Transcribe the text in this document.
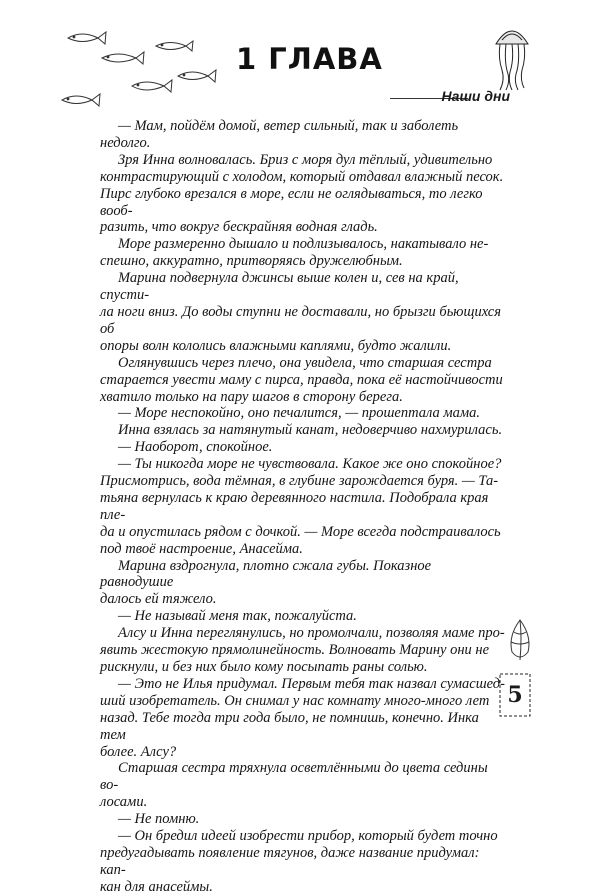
1 ГЛАВА
Наши дни

— Мам, пойдём домой, ветер сильный, так и заболеть недолго.

Зря Инна волновалась. Бриз с моря дул тёплый, удивительно
контрастирующий с холодом, который отдавал влажный песок.
Пирс глубоко врезался в море, если не оглядываться, то легко вооб-
разить, что вокруг бескрайняя водная гладь.

Море размеренно дышало и подлизывалось, накатывало не-
спешно, аккуратно, притворяясь дружелюбным.

Марина подвернула джинсы выше колен и, сев на край, спусти-
ла ноги вниз. До воды ступни не доставали, но брызги бьющихся об
опоры волн кололись влажными каплями, будто жалили.

Оглянувшись через плечо, она увидела, что старшая сестра
старается увести маму с пирса, правда, пока её настойчивости
хватило только на пару шагов в сторону берега.

— Море неспокойно, оно печалится, — прошептала мама.

Инна взялась за натянутый канат, недоверчиво нахмурилась.

— Наоборот, спокойное.

— Ты никогда море не чувствовала. Какое же оно спокойное?
Присмотрись, вода тёмная, в глубине зарождается буря. — Та-
тьяна вернулась к краю деревянного настила. Подобрала края пле-
да и опустилась рядом с дочкой. — Море всегда подстраивалось
под твоё настроение, Анасейма.

Марина вздрогнула, плотно сжала губы. Показное равнодушие
далось ей тяжело.

— Не называй меня так, пожалуйста.

Алсу и Инна переглянулись, но промолчали, позволяя маме про-
явить жестокую прямолинейность. Волновать Марину они не
рискнули, и без них было кому посыпать раны солью.

— Это не Илья придумал. Первым тебя так назвал сумасшед-
ший изобретатель. Он снимал у нас комнату много-много лет
назад. Тебе тогда три года было, не помнишь, конечно. Инка тем
более. Алсу?

Старшая сестра тряхнула осветлёнными до цвета седины во-
лосами.

— Не помню.

— Он бредил идеей изобрести прибор, который будет точно
предугадывать появление тягунов, даже название придумал: кап-
кан для анасеймы.

5
